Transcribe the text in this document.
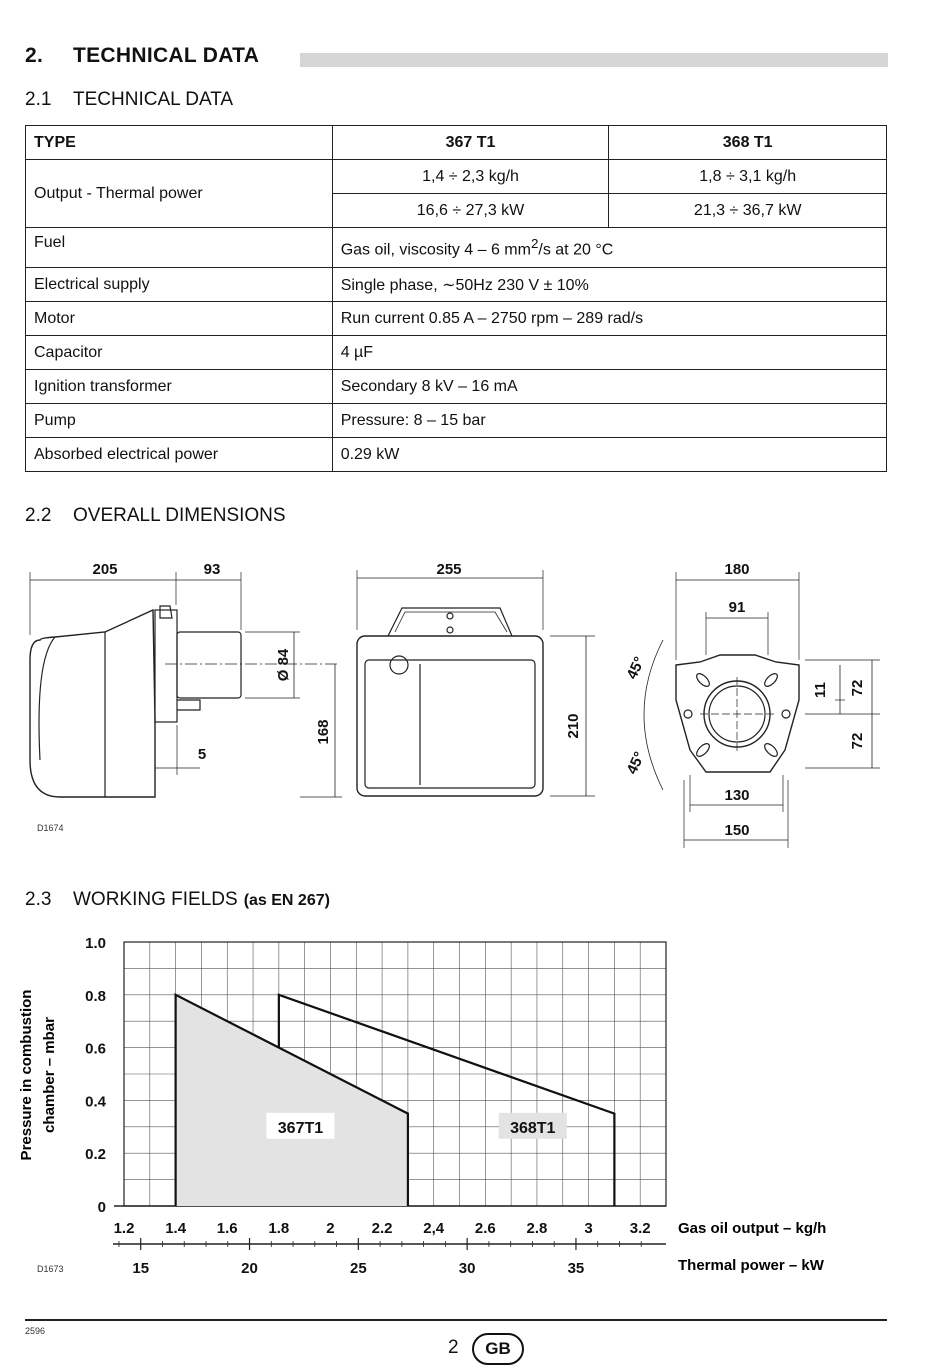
2. TECHNICAL DATA
2.1 TECHNICAL DATA
TYPE	367 T1	368 T1
Output - Thermal power	1,4 ÷ 2,3 kg/h	1,8 ÷ 3,1 kg/h
	16,6 ÷ 27,3 kW	21,3 ÷ 36,7 kW
Fuel	Gas oil, viscosity 4 – 6 $mm^2/s$ at 20 °C	
Electrical supply	Single phase, ∼50Hz 230 V ± 10%	
Motor	Run current 0.85 A – 2750 rpm – 289 rad/s	
Capacitor	4 µF	
Ignition transformer	Secondary 8 kV – 16 mA	
Pump	Pressure: 8 – 15 bar	
Absorbed electrical power	0.29 kW	
2.2 OVERALL DIMENSIONS
205	93
Ø 84
168
5
255
210
180
91
45°
45°
11 72
72
130
150
D1674
2.3 WORKING FIELDS (as EN 267)
367T1	368T1
0
0.2
0.4
0.6
0.8
1.0
1.2 1.4 1.6 1.8 2 2.2 2,4 2.6 2.8 3 3.2
15	20	25	30	35
Pressure in combustion chamber – mbar
Gas oil output – kg/h
Thermal power – kW
D1673
2596
2	GB
